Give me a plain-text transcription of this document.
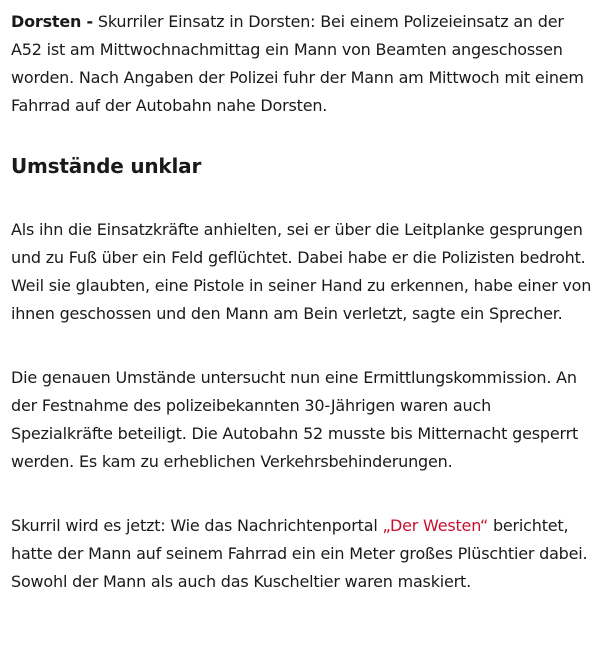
Dorsten - Skurriler Einsatz in Dorsten: Bei einem Polizeieinsatz an der A52 ist am Mittwochnachmittag ein Mann von Beamten angeschossen worden. Nach Angaben der Polizei fuhr der Mann am Mittwoch mit einem Fahrrad auf der Autobahn nahe Dorsten.

Umstände unklar

Als ihn die Einsatzkräfte anhielten, sei er über die Leitplanke gesprungen und zu Fuß über ein Feld geflüchtet. Dabei habe er die Polizisten bedroht. Weil sie glaubten, eine Pistole in seiner Hand zu erkennen, habe einer von ihnen geschossen und den Mann am Bein verletzt, sagte ein Sprecher.

Die genauen Umstände untersucht nun eine Ermittlungskommission. An der Festnahme des polizeibekannten 30-Jährigen waren auch Spezialkräfte beteiligt. Die Autobahn 52 musste bis Mitternacht gesperrt werden. Es kam zu erheblichen Verkehrsbehinderungen.

Skurril wird es jetzt: Wie das Nachrichtenportal „Der Westen“ berichtet, hatte der Mann auf seinem Fahrrad ein ein Meter großes Plüschtier dabei. Sowohl der Mann als auch das Kuscheltier waren maskiert.
